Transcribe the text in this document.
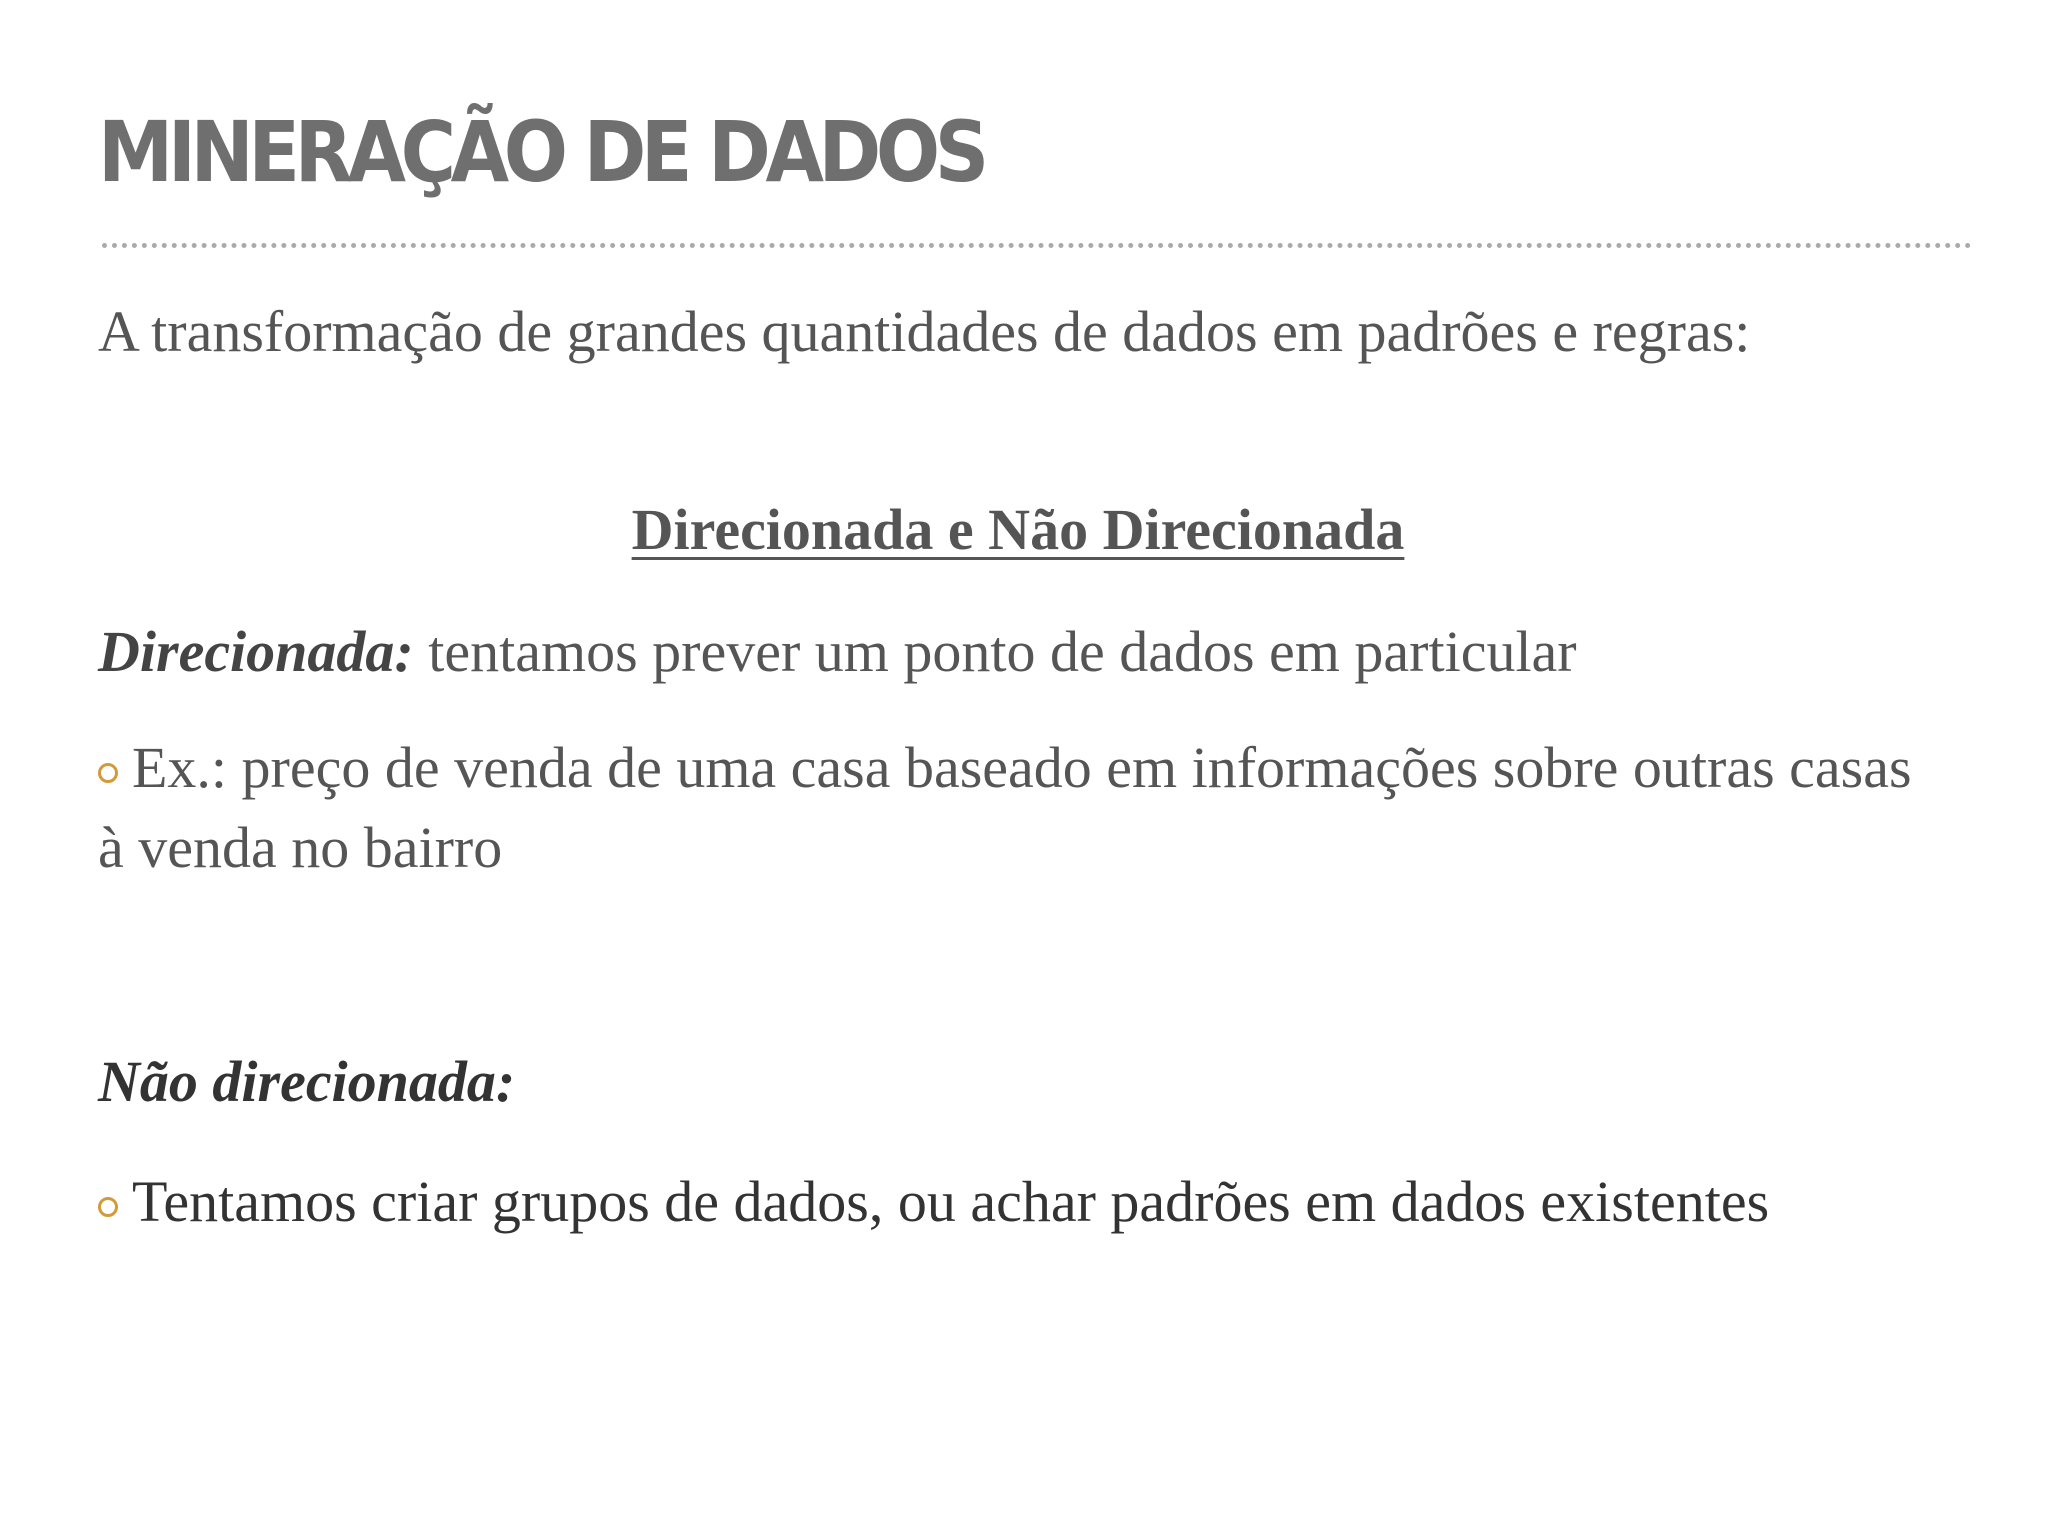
MINERAÇÃO DE DADOS

A transformação de grandes quantidades de dados em padrões e regras:

Direcionada e Não Direcionada

Direcionada: tentamos prever um ponto de dados em particular

Ex.: preço de venda de uma casa baseado em informações sobre outras casas à venda no bairro

Não direcionada:

Tentamos criar grupos de dados, ou achar padrões em dados existentes
